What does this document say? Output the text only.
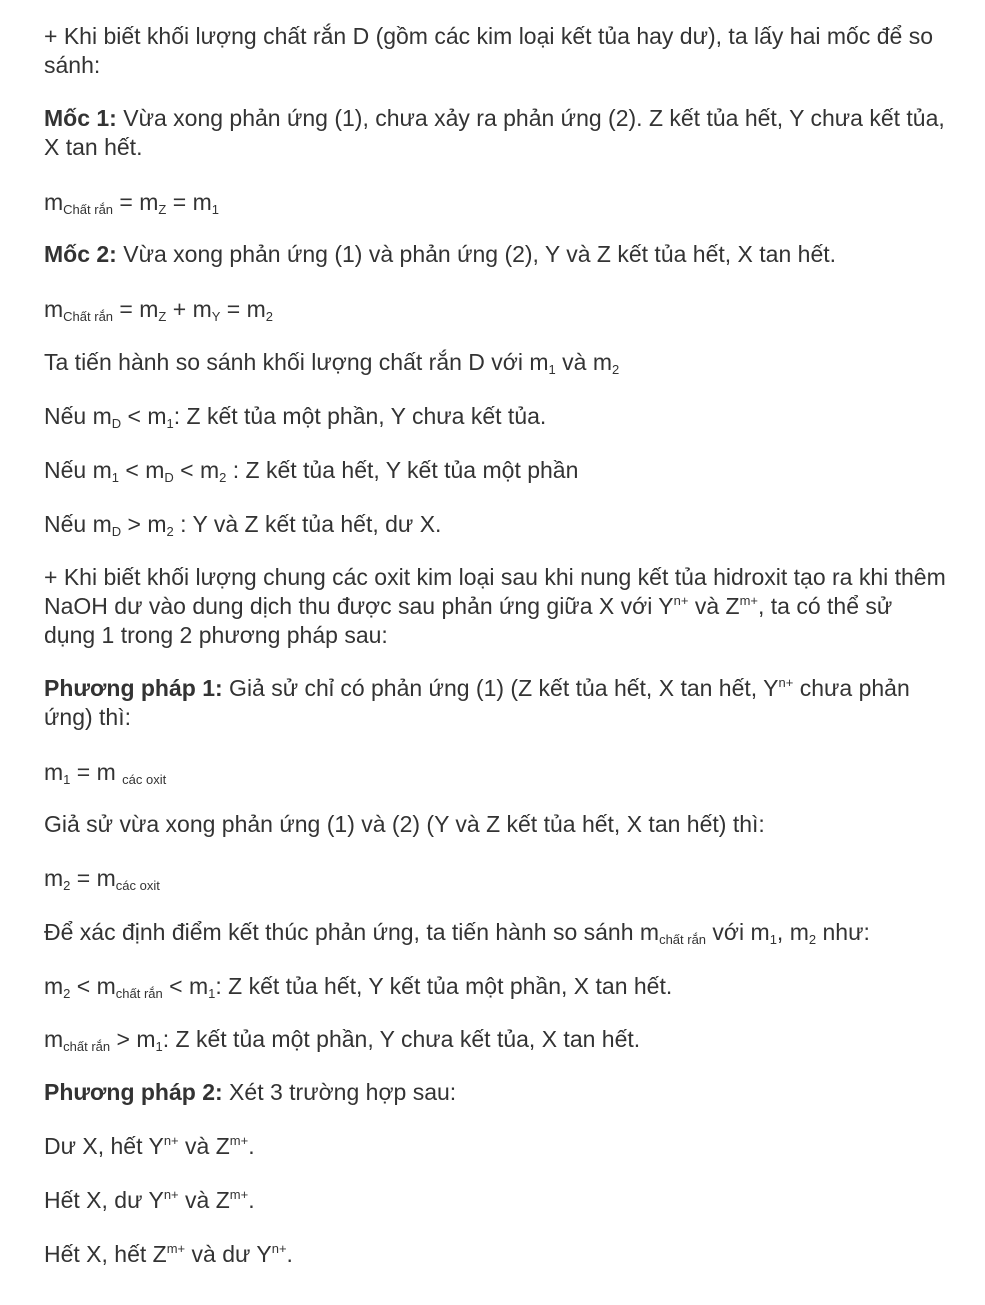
+ Khi biết khối lượng chất rắn D (gồm các kim loại kết tủa hay dư), ta lấy hai mốc để so sánh:

Mốc 1: Vừa xong phản ứng (1), chưa xảy ra phản ứng (2). Z kết tủa hết, Y chưa kết tủa, X tan hết.

mChất rắn = mZ = m1

Mốc 2: Vừa xong phản ứng (1) và phản ứng (2), Y và Z kết tủa hết, X tan hết.

mChất rắn = mZ + mY = m2

Ta tiến hành so sánh khối lượng chất rắn D với m1 và m2

Nếu mD < m1: Z kết tủa một phần, Y chưa kết tủa.

Nếu m1 < mD < m2 : Z kết tủa hết, Y kết tủa một phần

Nếu mD > m2 : Y và Z kết tủa hết, dư X.

+ Khi biết khối lượng chung các oxit kim loại sau khi nung kết tủa hidroxit tạo ra khi thêm NaOH dư vào dung dịch thu được sau phản ứng giữa X với $Y^{n+}$ và $Z^{m+}$, ta có thể sử dụng 1 trong 2 phương pháp sau:

Phương pháp 1: Giả sử chỉ có phản ứng (1) (Z kết tủa hết, X tan hết, $Y^{n+}$ chưa phản ứng) thì:

m1 = m các oxit

Giả sử vừa xong phản ứng (1) và (2) (Y và Z kết tủa hết, X tan hết) thì:

m2 = mcác oxit

Để xác định điểm kết thúc phản ứng, ta tiến hành so sánh mchất rắn với m1, m2 như:

m2 < mchất rắn < m1: Z kết tủa hết, Y kết tủa một phần, X tan hết.

mchất rắn > m1: Z kết tủa một phần, Y chưa kết tủa, X tan hết.

Phương pháp 2: Xét 3 trường hợp sau:

Dư X, hết $Y^{n+}$ và $Z^{m+}$.

Hết X, dư $Y^{n+}$ và $Z^{m+}$.

Hết X, hết $Z^{m+}$ và dư $Y^{n+}$.
